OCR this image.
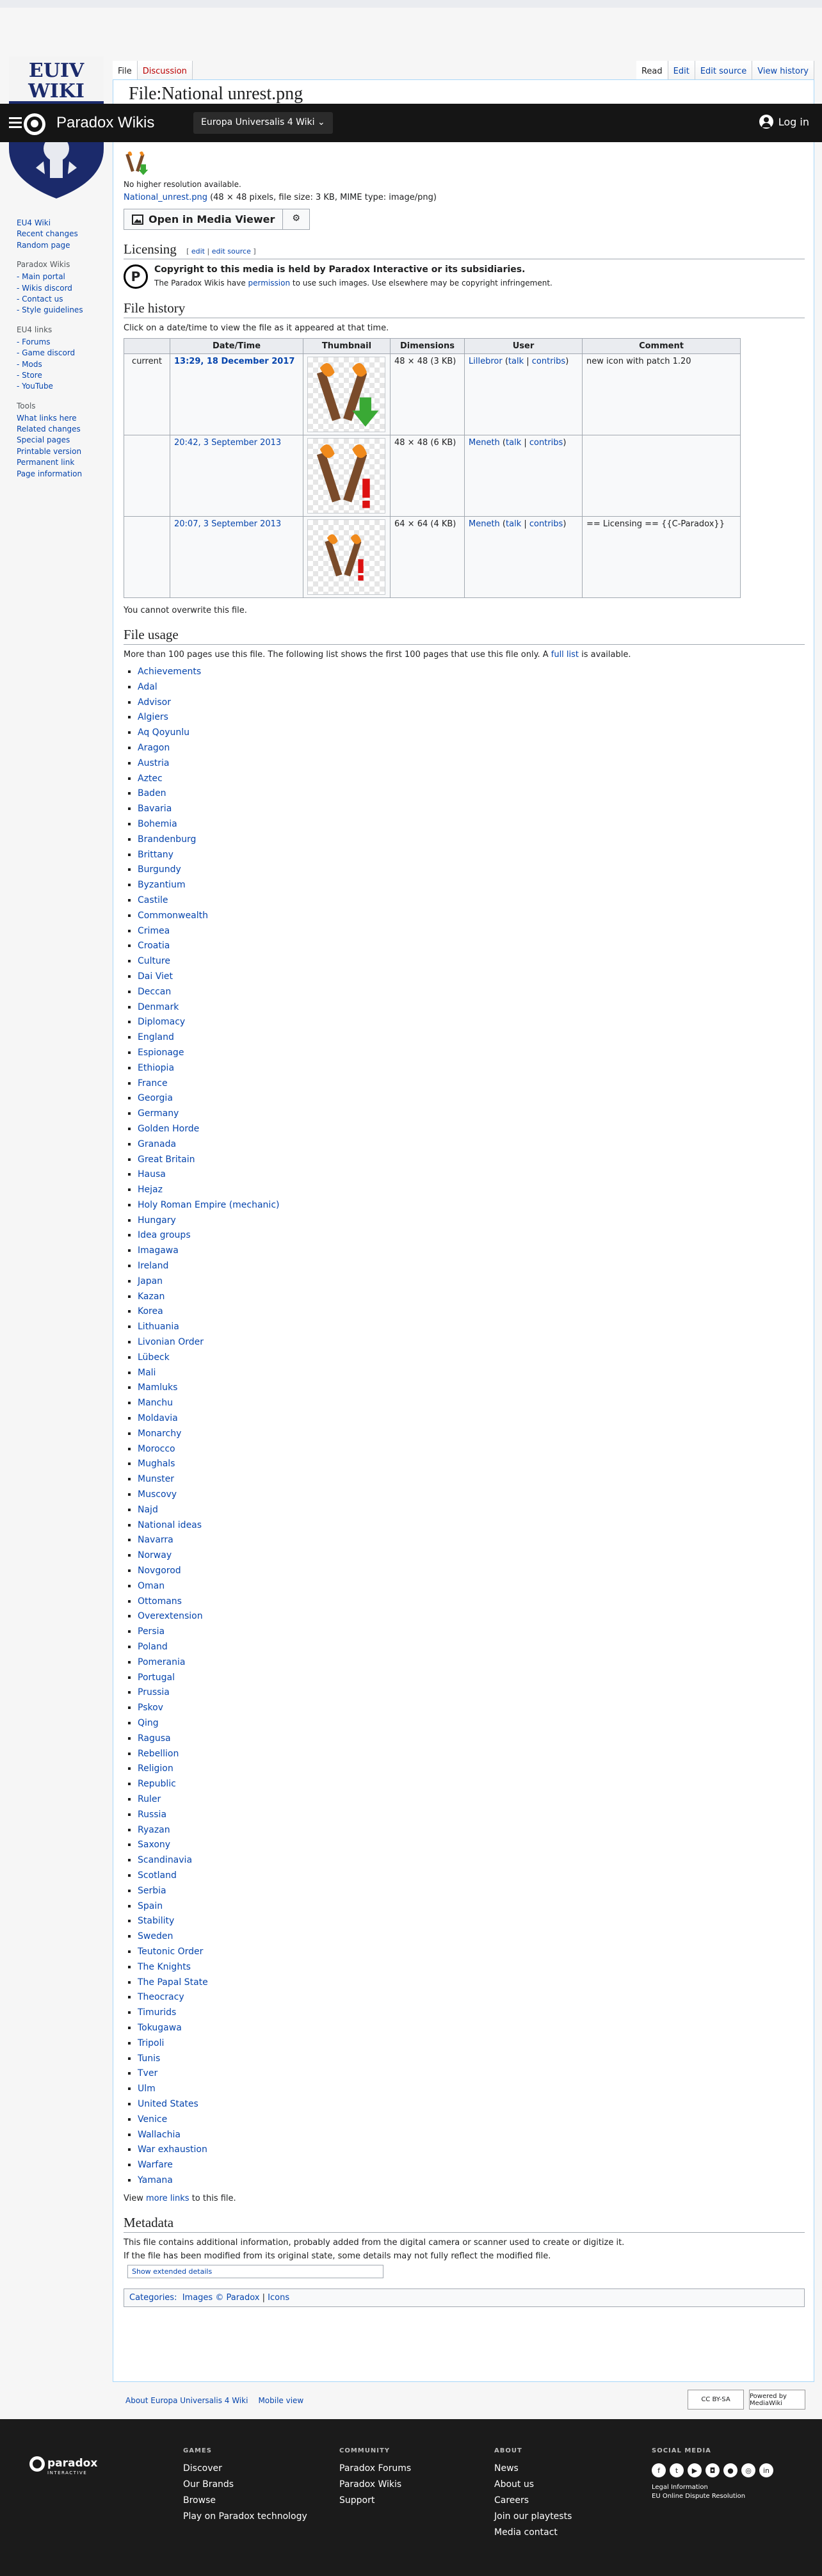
EUIV
WIKI
File	Discussion	Read	Edit	Edit source	View history
File:National unrest.png
No higher resolution available.
National_unrest.png (48 × 48 pixels, file size: 3 KB, MIME type: image/png)
Open in Media Viewer	⚙
Licensing [ edit | edit source ]
P	Copyright to this media is held by Paradox Interactive or its subsidiaries.
The Paradox Wikis have permission to use such images. Use elsewhere may be copyright infringement.
File history
Click on a date/time to view the file as it appeared at that time.
	Date/Time	Thumbnail	Dimensions	User	Comment
current	13:29, 18 December 2017		48 × 48 (3 KB)	Lillebror (talk | contribs)	new icon with patch 1.20
	20:42, 3 September 2013		48 × 48 (6 KB)	Meneth (talk | contribs)	
	20:07, 3 September 2013		64 × 64 (4 KB)	Meneth (talk | contribs)	== Licensing == {{C-Paradox}}
You cannot overwrite this file.
File usage
More than 100 pages use this file. The following list shows the first 100 pages that use this file only. A full list is available.
▪ Achievements
▪ Adal
▪ Advisor
▪ Algiers
▪ Aq Qoyunlu
▪ Aragon
▪ Austria
▪ Aztec
▪ Baden
▪ Bavaria
▪ Bohemia
▪ Brandenburg
▪ Brittany
▪ Burgundy
▪ Byzantium
▪ Castile
▪ Commonwealth
▪ Crimea
▪ Croatia
▪ Culture
▪ Dai Viet
▪ Deccan
▪ Denmark
▪ Diplomacy
▪ England
▪ Espionage
▪ Ethiopia
▪ France
▪ Georgia
▪ Germany
▪ Golden Horde
▪ Granada
▪ Great Britain
▪ Hausa
▪ Hejaz
▪ Holy Roman Empire (mechanic)
▪ Hungary
▪ Idea groups
▪ Imagawa
▪ Ireland
▪ Japan
▪ Kazan
▪ Korea
▪ Lithuania
▪ Livonian Order
▪ Lübeck
▪ Mali
▪ Mamluks
▪ Manchu
▪ Moldavia
▪ Monarchy
▪ Morocco
▪ Mughals
▪ Munster
▪ Muscovy
▪ Najd
▪ National ideas
▪ Navarra
▪ Norway
▪ Novgorod
▪ Oman
▪ Ottomans
▪ Overextension
▪ Persia
▪ Poland
▪ Pomerania
▪ Portugal
▪ Prussia
▪ Pskov
▪ Qing
▪ Ragusa
▪ Rebellion
▪ Religion
▪ Republic
▪ Ruler
▪ Russia
▪ Ryazan
▪ Saxony
▪ Scandinavia
▪ Scotland
▪ Serbia
▪ Spain
▪ Stability
▪ Sweden
▪ Teutonic Order
▪ The Knights
▪ The Papal State
▪ Theocracy
▪ Timurids
▪ Tokugawa
▪ Tripoli
▪ Tunis
▪ Tver
▪ Ulm
▪ United States
▪ Venice
▪ Wallachia
▪ War exhaustion
▪ Warfare
▪ Yamana
View more links to this file.
Metadata

This file contains additional information, probably added from the digital camera or scanner used to create or digitize it.

If the file has been modified from its original state, some details may not fully reflect the modified file.

Show extended details
Categories: Images © Paradox | Icons
Paradox Wikis	Europa Universalis 4 Wiki ⌄	Log in
EU4 Wiki
Recent changes
Random page
Paradox Wikis
- Main portal
- Wikis discord
- Contact us
- Style guidelines
EU4 links
- Forums
- Game discord
- Mods
- Store
- YouTube
Tools
What links here
Related changes
Special pages
Printable version
Permanent link
Page information
About Europa Universalis 4 Wiki Mobile view	CC BY-SA	Powered by MediaWiki
paradox
INTERACTIVE
GAMES
Discover
Our Brands
Browse
Play on Paradox technology
COMMUNITY
Paradox Forums
Paradox Wikis
Support
ABOUT
News
About us
Careers
Join our playtests
Media contact
SOCIAL MEDIA
f	t	▶	◘	●	◎	in
Legal Information
EU Online Dispute Resolution
